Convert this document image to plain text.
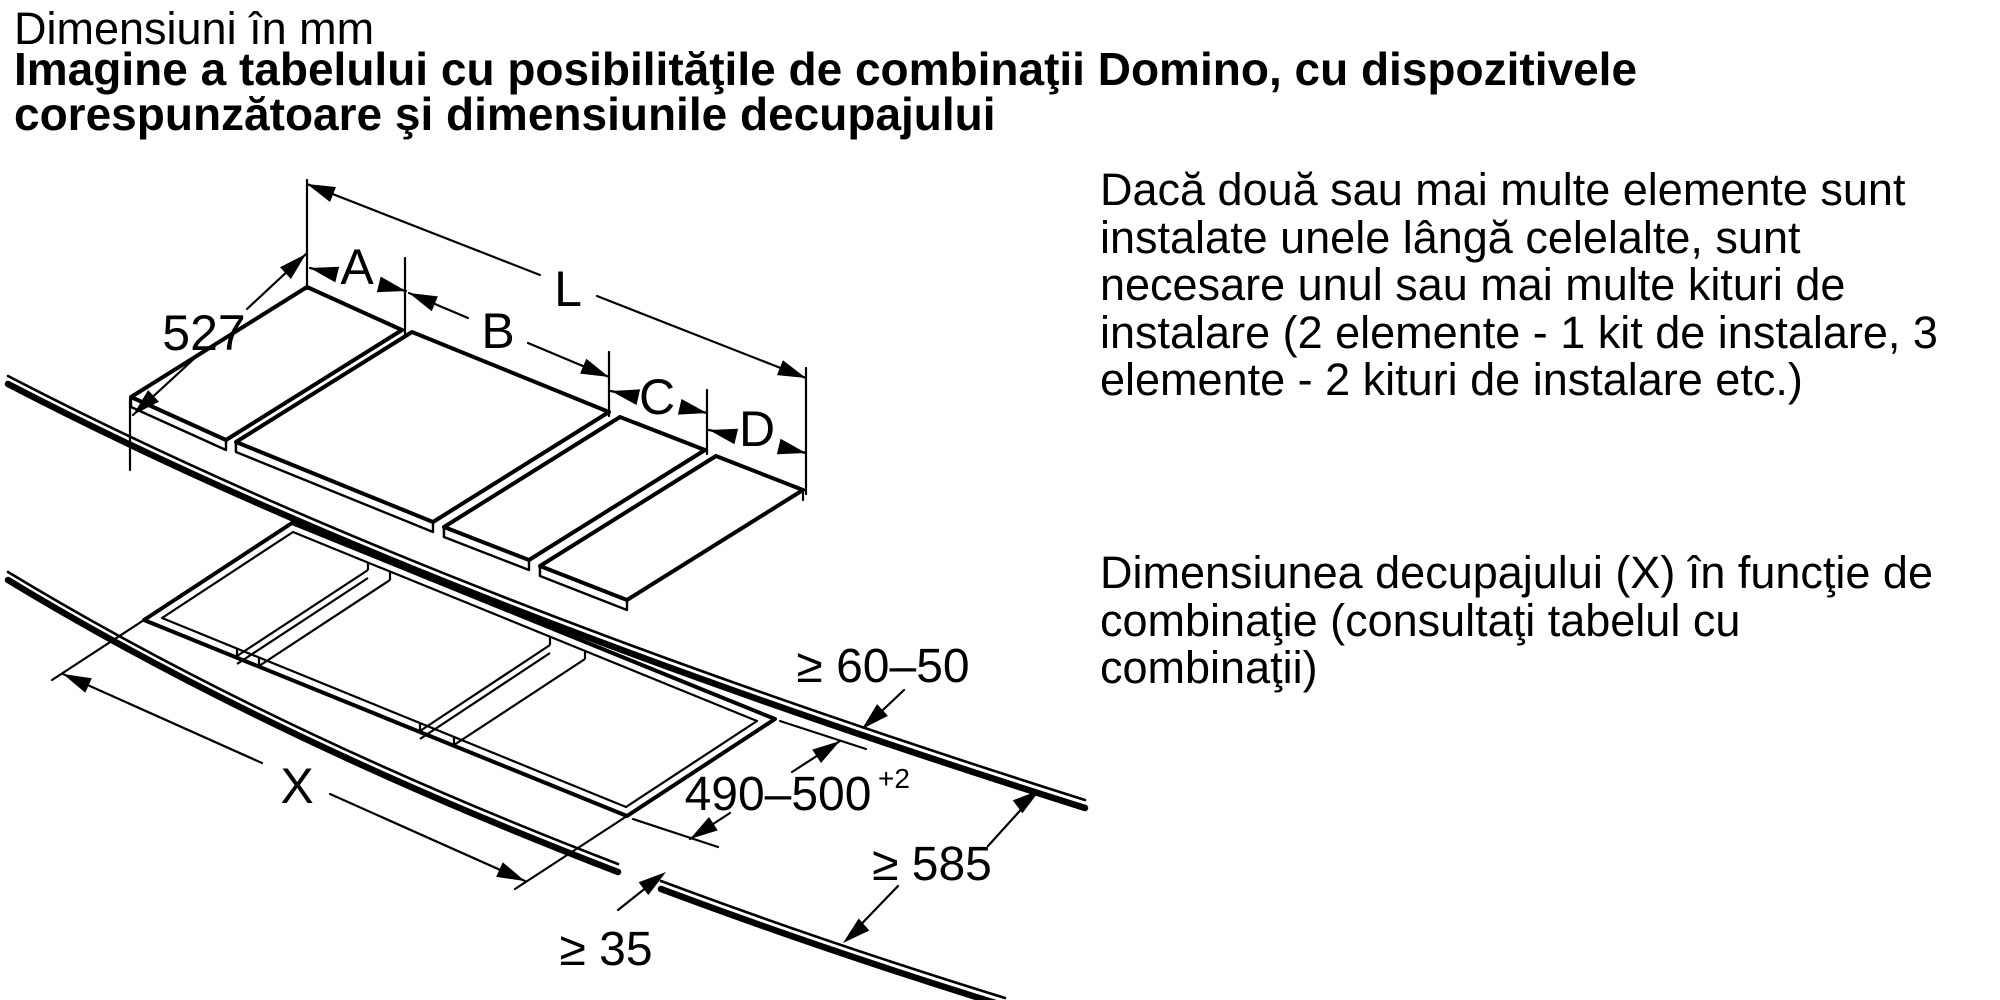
Dimensiuni în mm
Imagine a tabelului cu posibilităţile de combinaţii Domino, cu dispozitivele
corespunzătoare şi dimensiunile decupajului
L
527
A
B
C
D
X	490–500 +2
≥ 60–50
≥ 585
≥ 35
Dacă două sau mai multe elemente sunt
instalate unele lângă celelalte, sunt
necesare unul sau mai multe kituri de
instalare (2 elemente - 1 kit de instalare, 3
elemente - 2 kituri de instalare etc.)
Dimensiunea decupajului (X) în funcţie de
combinaţie (consultaţi tabelul cu
combinaţii)
